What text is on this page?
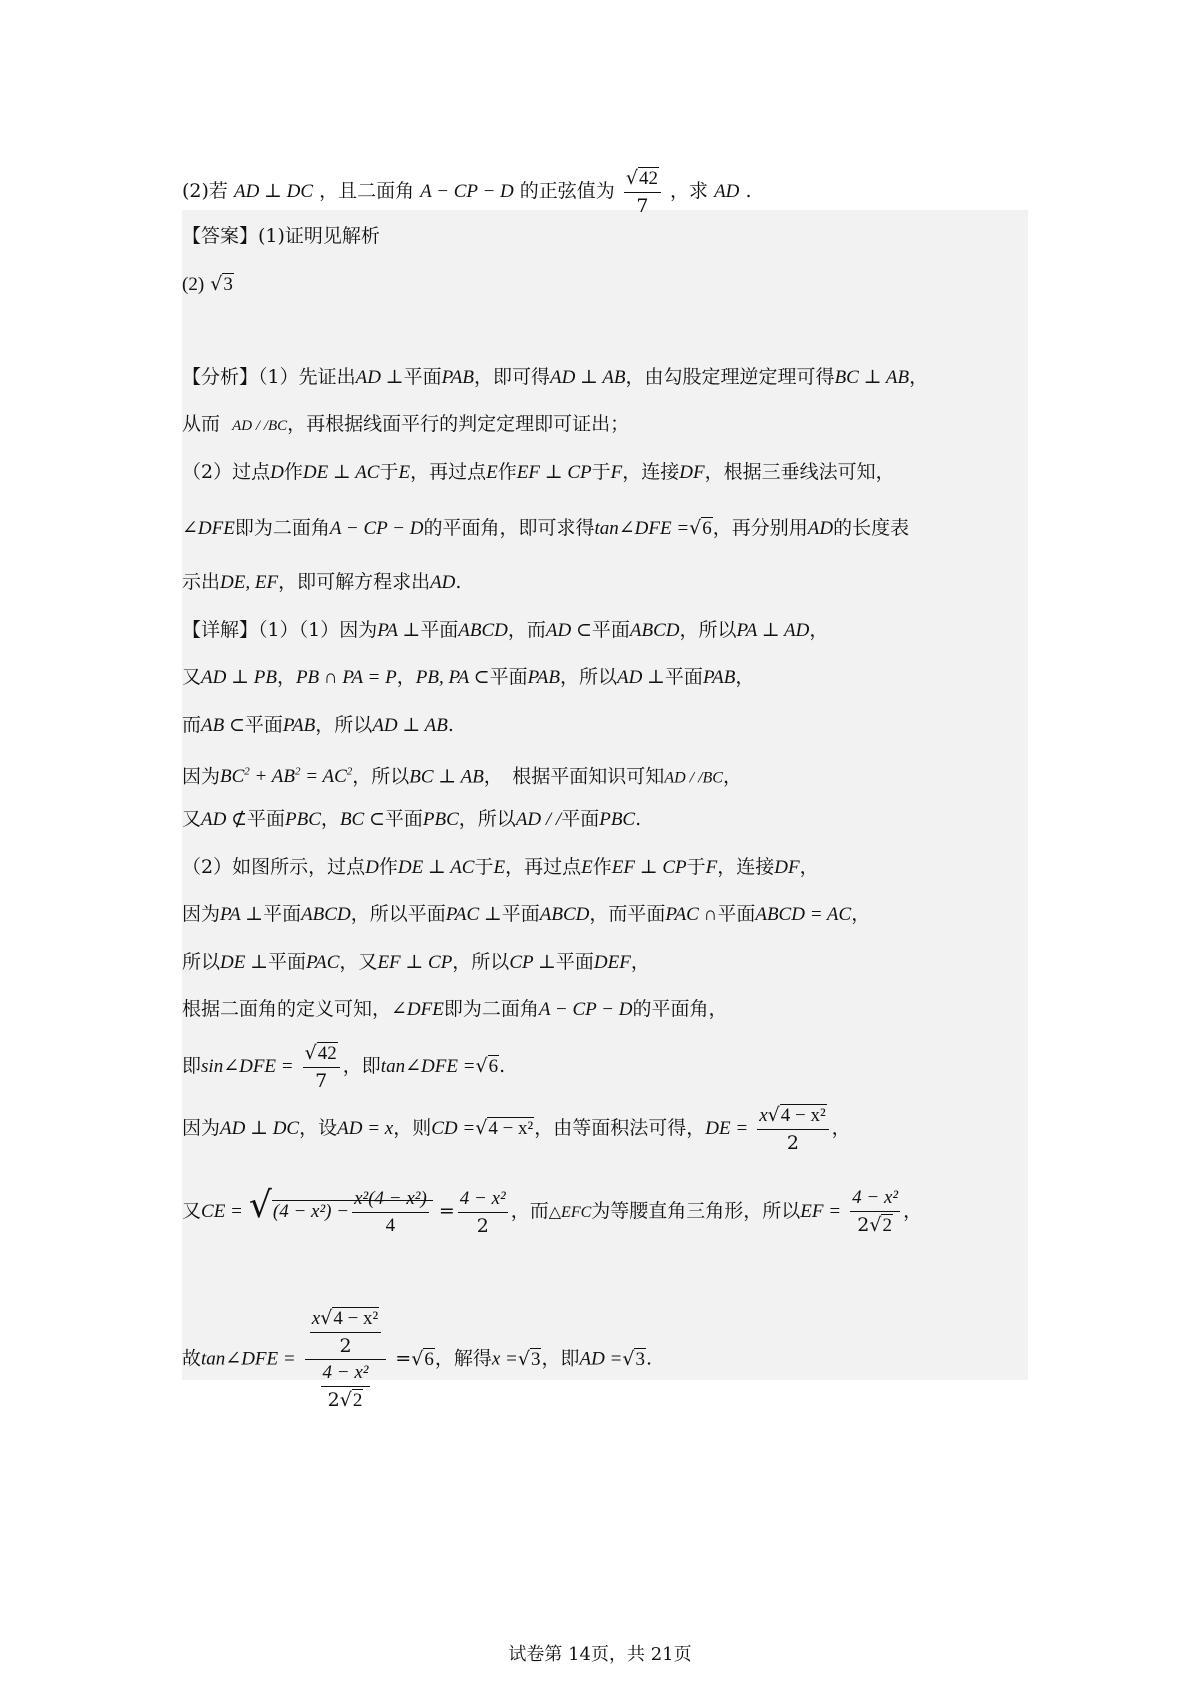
(2)若 AD ⊥ DC ，且二面角 A − CP − D 的正弦值为 $\frac{√42}{7}$ ，求 AD .
【答案】(1)证明见解析
(2) √3
【分析】（1）先证出AD ⊥平面PAB，即可得AD ⊥ AB，由勾股定理逆定理可得BC ⊥ AB，
从而 AD / /BC，再根据线面平行的判定定理即可证出；
（2）过点D作DE ⊥ AC于E，再过点E作EF ⊥ CP于F，连接DF，根据三垂线法可知，
∠DFE即为二面角A − CP − D的平面角，即可求得tan∠DFE =√6，再分别用AD的长度表
示出DE, EF，即可解方程求出AD.
【详解】（1）（1）因为PA ⊥平面ABCD，而AD ⊂平面ABCD，所以PA ⊥ AD，
又AD ⊥ PB，PB ∩ PA = P，PB, PA ⊂平面PAB，所以AD ⊥平面PAB，
而AB ⊂平面PAB，所以AD ⊥ AB.
因为$BC^2 + AB^2 = AC^2$，所以BC ⊥ AB，　根据平面知识可知AD / /BC，
又AD ⊄平面PBC，BC ⊂平面PBC，所以AD / /平面PBC.
（2）如图所示，过点D作DE ⊥ AC于E，再过点E作EF ⊥ CP于F，连接DF，
因为PA ⊥平面ABCD，所以平面PAC ⊥平面ABCD，而平面PAC ∩平面ABCD = AC，
所以DE ⊥平面PAC，又EF ⊥ CP，所以CP ⊥平面DEF，
根据二面角的定义可知，∠DFE即为二面角A − CP − D的平面角，
即sin∠DFE = $\frac{√42}{7}$ ，即tan∠DFE =√6.
因为AD ⊥ DC，设AD = x，则CD =√4 − x²，由等面积法可得，DE = $\frac{\text{x√4 − x²}}{2}$ ，
又CE = $√(4 - x^2) - \frac{\text{x²(4 − x²)}}{4} = \frac{\text{4 − x²}}{2}$ ，而△EFC为等腰直角三角形，所以EF = $\frac{\text{4 − x²}}{2√2}$ ，
故tan∠DFE = $\frac{\frac{\text{x√4 − x²}}{2}}{\frac{\text{4 − x²}}{2√2}} =√6$，解得x =√3，即AD =√3.
试卷第 14页，共 21页
